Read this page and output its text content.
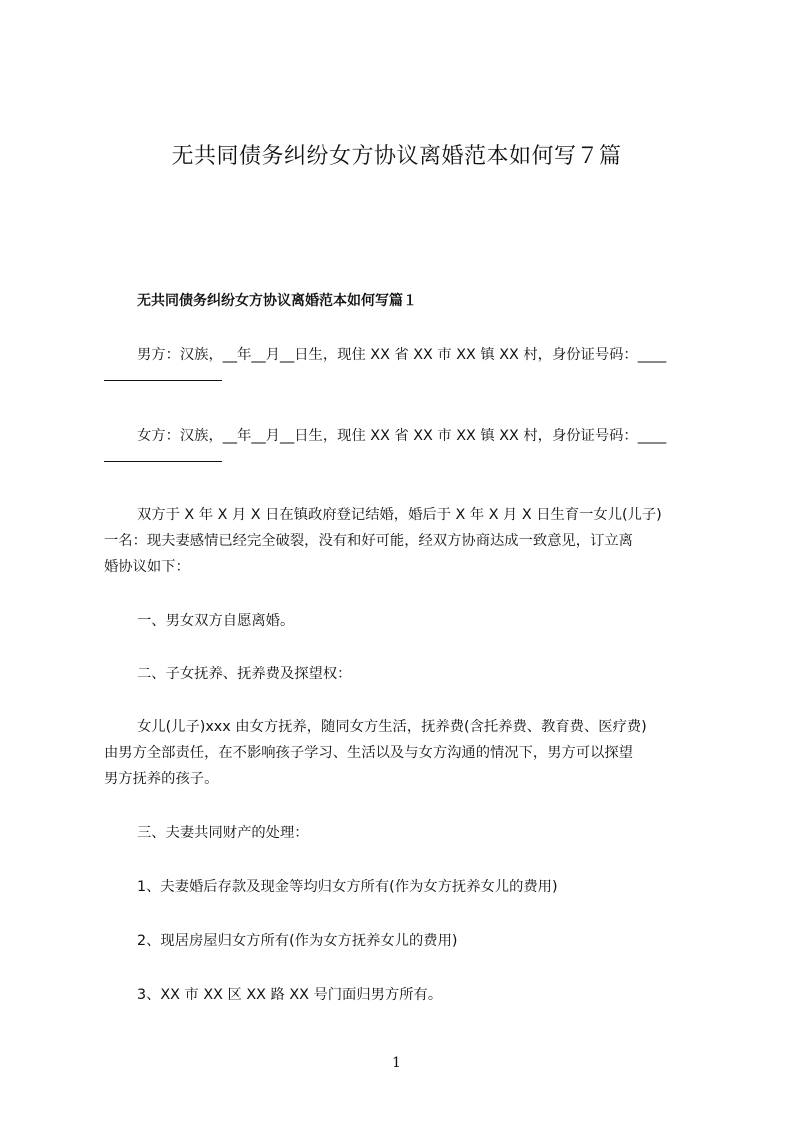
无共同债务纠纷女方协议离婚范本如何写７篇
无共同债务纠纷女方协议离婚范本如何写篇１
男方：汉族，__年__月__日生，现住 XX 省 XX 市 XX 镇 XX 村，身份证号码：____
女方：汉族，__年__月__日生，现住 XX 省 XX 市 XX 镇 XX 村，身份证号码：____
双方于 X 年 X 月 X 日在镇政府登记结婚，婚后于 X 年 X 月 X 日生育一女儿(儿子)
一名：现夫妻感情已经完全破裂，没有和好可能，经双方协商达成一致意见，订立离
婚协议如下：
一、男女双方自愿离婚。
二、子女抚养、抚养费及探望权：
女儿(儿子)xxx 由女方抚养，随同女方生活，抚养费(含托养费、教育费、医疗费)
由男方全部责任，在不影响孩子学习、生活以及与女方沟通的情况下，男方可以探望
男方抚养的孩子。
三、夫妻共同财产的处理：
1、夫妻婚后存款及现金等均归女方所有(作为女方抚养女儿的费用)
2、现居房屋归女方所有(作为女方抚养女儿的费用)
3、XX 市 XX 区 XX 路 XX 号门面归男方所有。
1
